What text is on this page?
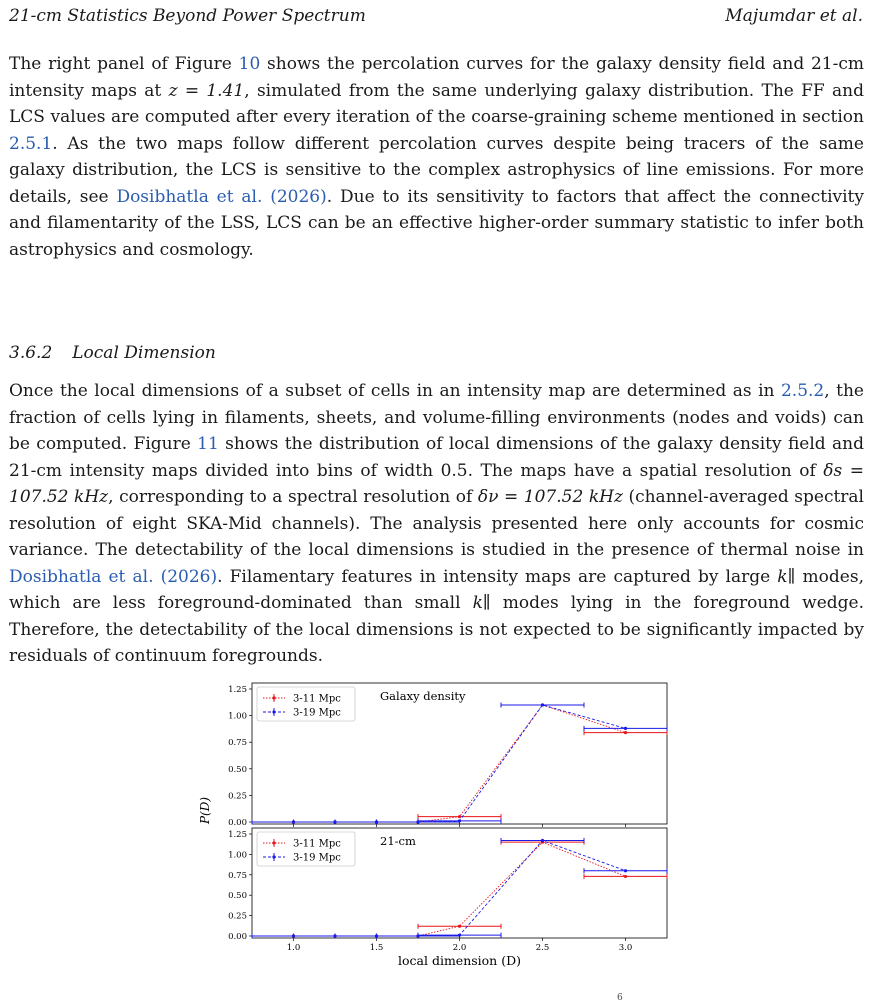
21-cm Statistics Beyond Power Spectrum	Majumdar et al.
The right panel of Figure 10 shows the percolation curves for the galaxy density field and 21-cm intensity maps at z = 1.41, simulated from the same underlying galaxy distribution. The FF and LCS values are computed after every iteration of the coarse-graining scheme mentioned in section 2.5.1. As the two maps follow different percolation curves despite being tracers of the same galaxy distribution, the LCS is sensitive to the complex astrophysics of line emissions. For more details, see Dosibhatla et al. (2026). Due to its sensitivity to factors that affect the connectivity and filamentarity of the LSS, LCS can be an effective higher-order summary statistic to infer both astrophysics and cosmology.
3.6.2 Local Dimension
Once the local dimensions of a subset of cells in an intensity map are determined as in 2.5.2, the fraction of cells lying in filaments, sheets, and volume-filling environments (nodes and voids) can be computed. Figure 11 shows the distribution of local dimensions of the galaxy density field and 21-cm intensity maps divided into bins of width 0.5. The maps have a spatial resolution of δs = 107.52 kHz, corresponding to a spectral resolution of δν = 107.52 kHz (channel-averaged spectral resolution of eight SKA-Mid channels). The analysis presented here only accounts for cosmic variance. The detectability of the local dimensions is studied in the presence of thermal noise in Dosibhatla et al. (2026). Filamentary features in intensity maps are captured by large k∥ modes, which are less foreground-dominated than small k∥ modes lying in the foreground wedge. Therefore, the detectability of the local dimensions is not expected to be significantly impacted by residuals of continuum foregrounds.
0.00
0.25
0.50
0.75
1.00
1.25
3-11 Mpc
3-19 Mpc
Galaxy density
P(D)
0.00
0.25
0.50
0.75
1.00
1.25
1.0	1.5	2.0	2.5	3.0
3-11 Mpc
3-19 Mpc
21-cm
local dimension (D)
6
